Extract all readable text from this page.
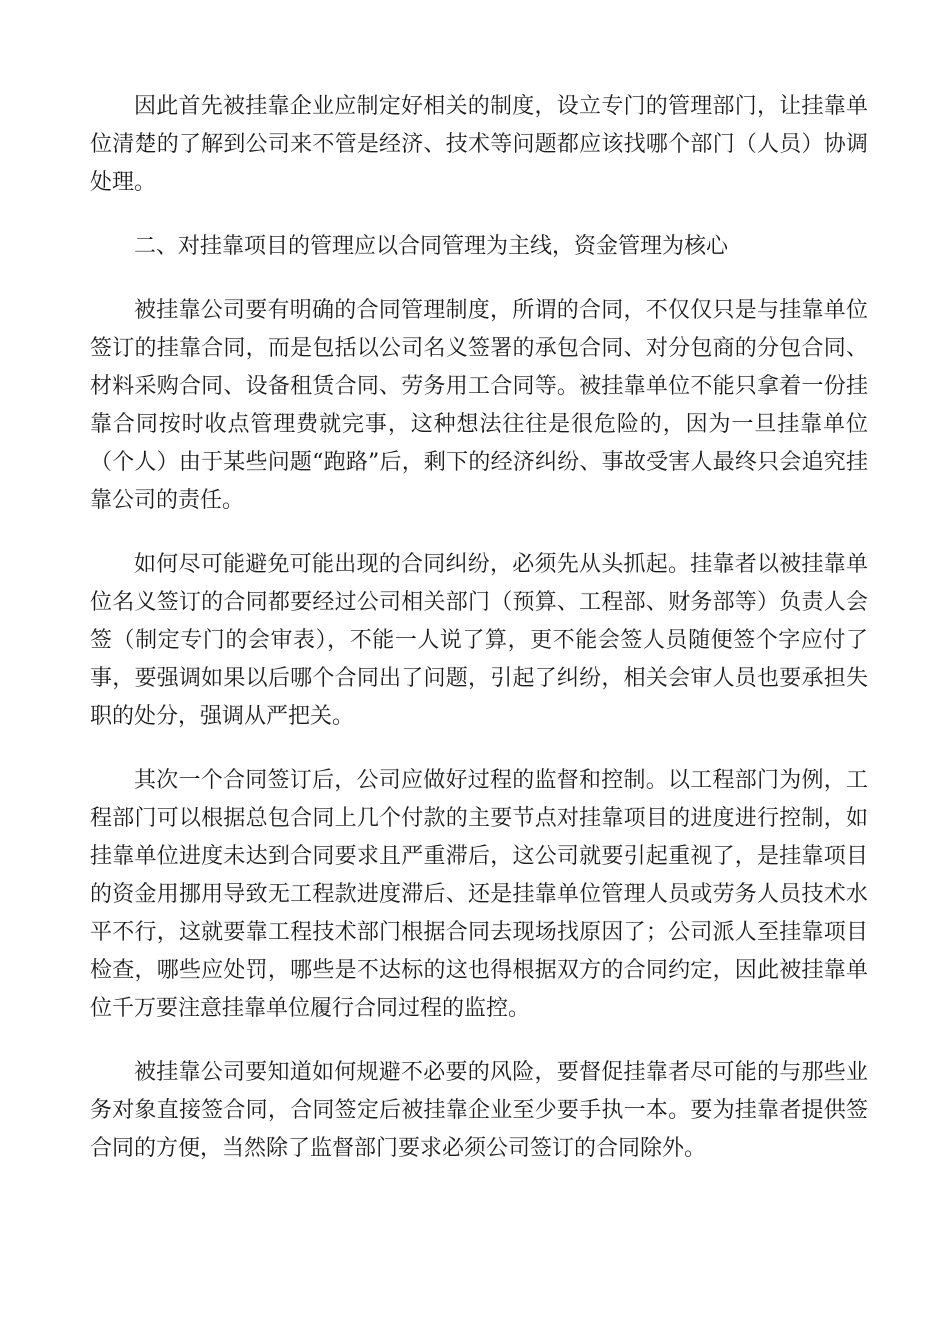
因此首先被挂靠企业应制定好相关的制度，设立专门的管理部门，让挂靠单位清楚的了解到公司来不管是经济、技术等问题都应该找哪个部门（人员）协调处理。

二、对挂靠项目的管理应以合同管理为主线，资金管理为核心

被挂靠公司要有明确的合同管理制度，所谓的合同，不仅仅只是与挂靠单位签订的挂靠合同，而是包括以公司名义签署的承包合同、对分包商的分包合同、材料采购合同、设备租赁合同、劳务用工合同等。被挂靠单位不能只拿着一份挂靠合同按时收点管理费就完事，这种想法往往是很危险的，因为一旦挂靠单位（个人）由于某些问题“跑路”后，剩下的经济纠纷、事故受害人最终只会追究挂靠公司的责任。

如何尽可能避免可能出现的合同纠纷，必须先从头抓起。挂靠者以被挂靠单位名义签订的合同都要经过公司相关部门（预算、工程部、财务部等）负责人会签（制定专门的会审表），不能一人说了算，更不能会签人员随便签个字应付了事，要强调如果以后哪个合同出了问题，引起了纠纷，相关会审人员也要承担失职的处分，强调从严把关。

其次一个合同签订后，公司应做好过程的监督和控制。以工程部门为例，工程部门可以根据总包合同上几个付款的主要节点对挂靠项目的进度进行控制，如挂靠单位进度未达到合同要求且严重滞后，这公司就要引起重视了，是挂靠项目的资金用挪用导致无工程款进度滞后、还是挂靠单位管理人员或劳务人员技术水平不行，这就要靠工程技术部门根据合同去现场找原因了；公司派人至挂靠项目检查，哪些应处罚，哪些是不达标的这也得根据双方的合同约定，因此被挂靠单位千万要注意挂靠单位履行合同过程的监控。

被挂靠公司要知道如何规避不必要的风险，要督促挂靠者尽可能的与那些业务对象直接签合同，合同签定后被挂靠企业至少要手执一本。要为挂靠者提供签合同的方便，当然除了监督部门要求必须公司签订的合同除外。
